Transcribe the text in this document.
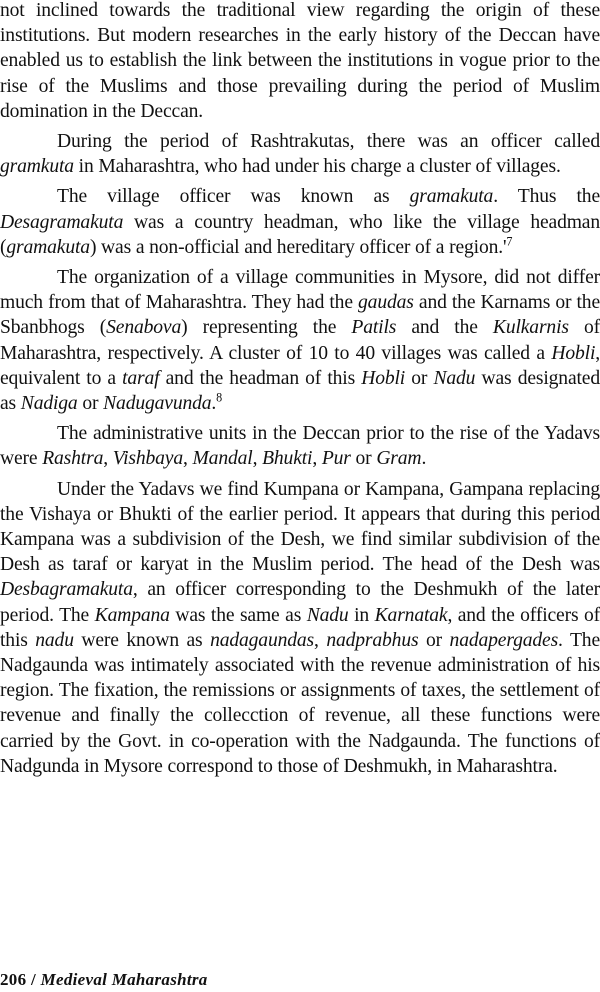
not inclined towards the traditional view regarding the origin of these institutions. But modern researches in the early history of the Deccan have enabled us to establish the link between the institutions in vogue prior to the rise of the Muslims and those prevailing during the period of Muslim domination in the Deccan.

During the period of Rashtrakutas, there was an officer called gramkuta in Maharashtra, who had under his charge a cluster of villages.

The village officer was known as gramakuta. Thus the Desagramakuta was a country headman, who like the village headman (gramakuta) was a non-official and hereditary officer of a $region.'^7$

The organization of a village communities in Mysore, did not differ much from that of Maharashtra. They had the gaudas and the Karnams or the Sbanbhogs (Senabova) representing the Patils and the Kulkarnis of Maharashtra, respectively. A cluster of 10 to 40 villages was called a Hobli, equivalent to a taraf and the headman of this Hobli or Nadu was designated as Nadiga or Nadugavunda.$^8$

The administrative units in the Deccan prior to the rise of the Yadavs were Rashtra, Vishbaya, Mandal, Bhukti, Pur or Gram.

Under the Yadavs we find Kumpana or Kampana, Gampana replacing the Vishaya or Bhukti of the earlier period. It appears that during this period Kampana was a subdivision of the Desh, we find similar subdivision of the Desh as taraf or karyat in the Muslim period. The head of the Desh was Desbagramakuta, an officer corresponding to the Deshmukh of the later period. The Kampana was the same as Nadu in Karnatak, and the officers of this nadu were known as nadagaundas, nadprabhus or nadapergades. The Nadgaunda was intimately associated with the revenue administration of his region. The fixation, the remissions or assignments of taxes, the settlement of revenue and finally the collecction of revenue, all these functions were carried by the Govt. in co-operation with the Nadgaunda. The functions of Nadgunda in Mysore correspond to those of Deshmukh, in Maharashtra.

206 / Medieval Maharashtra
